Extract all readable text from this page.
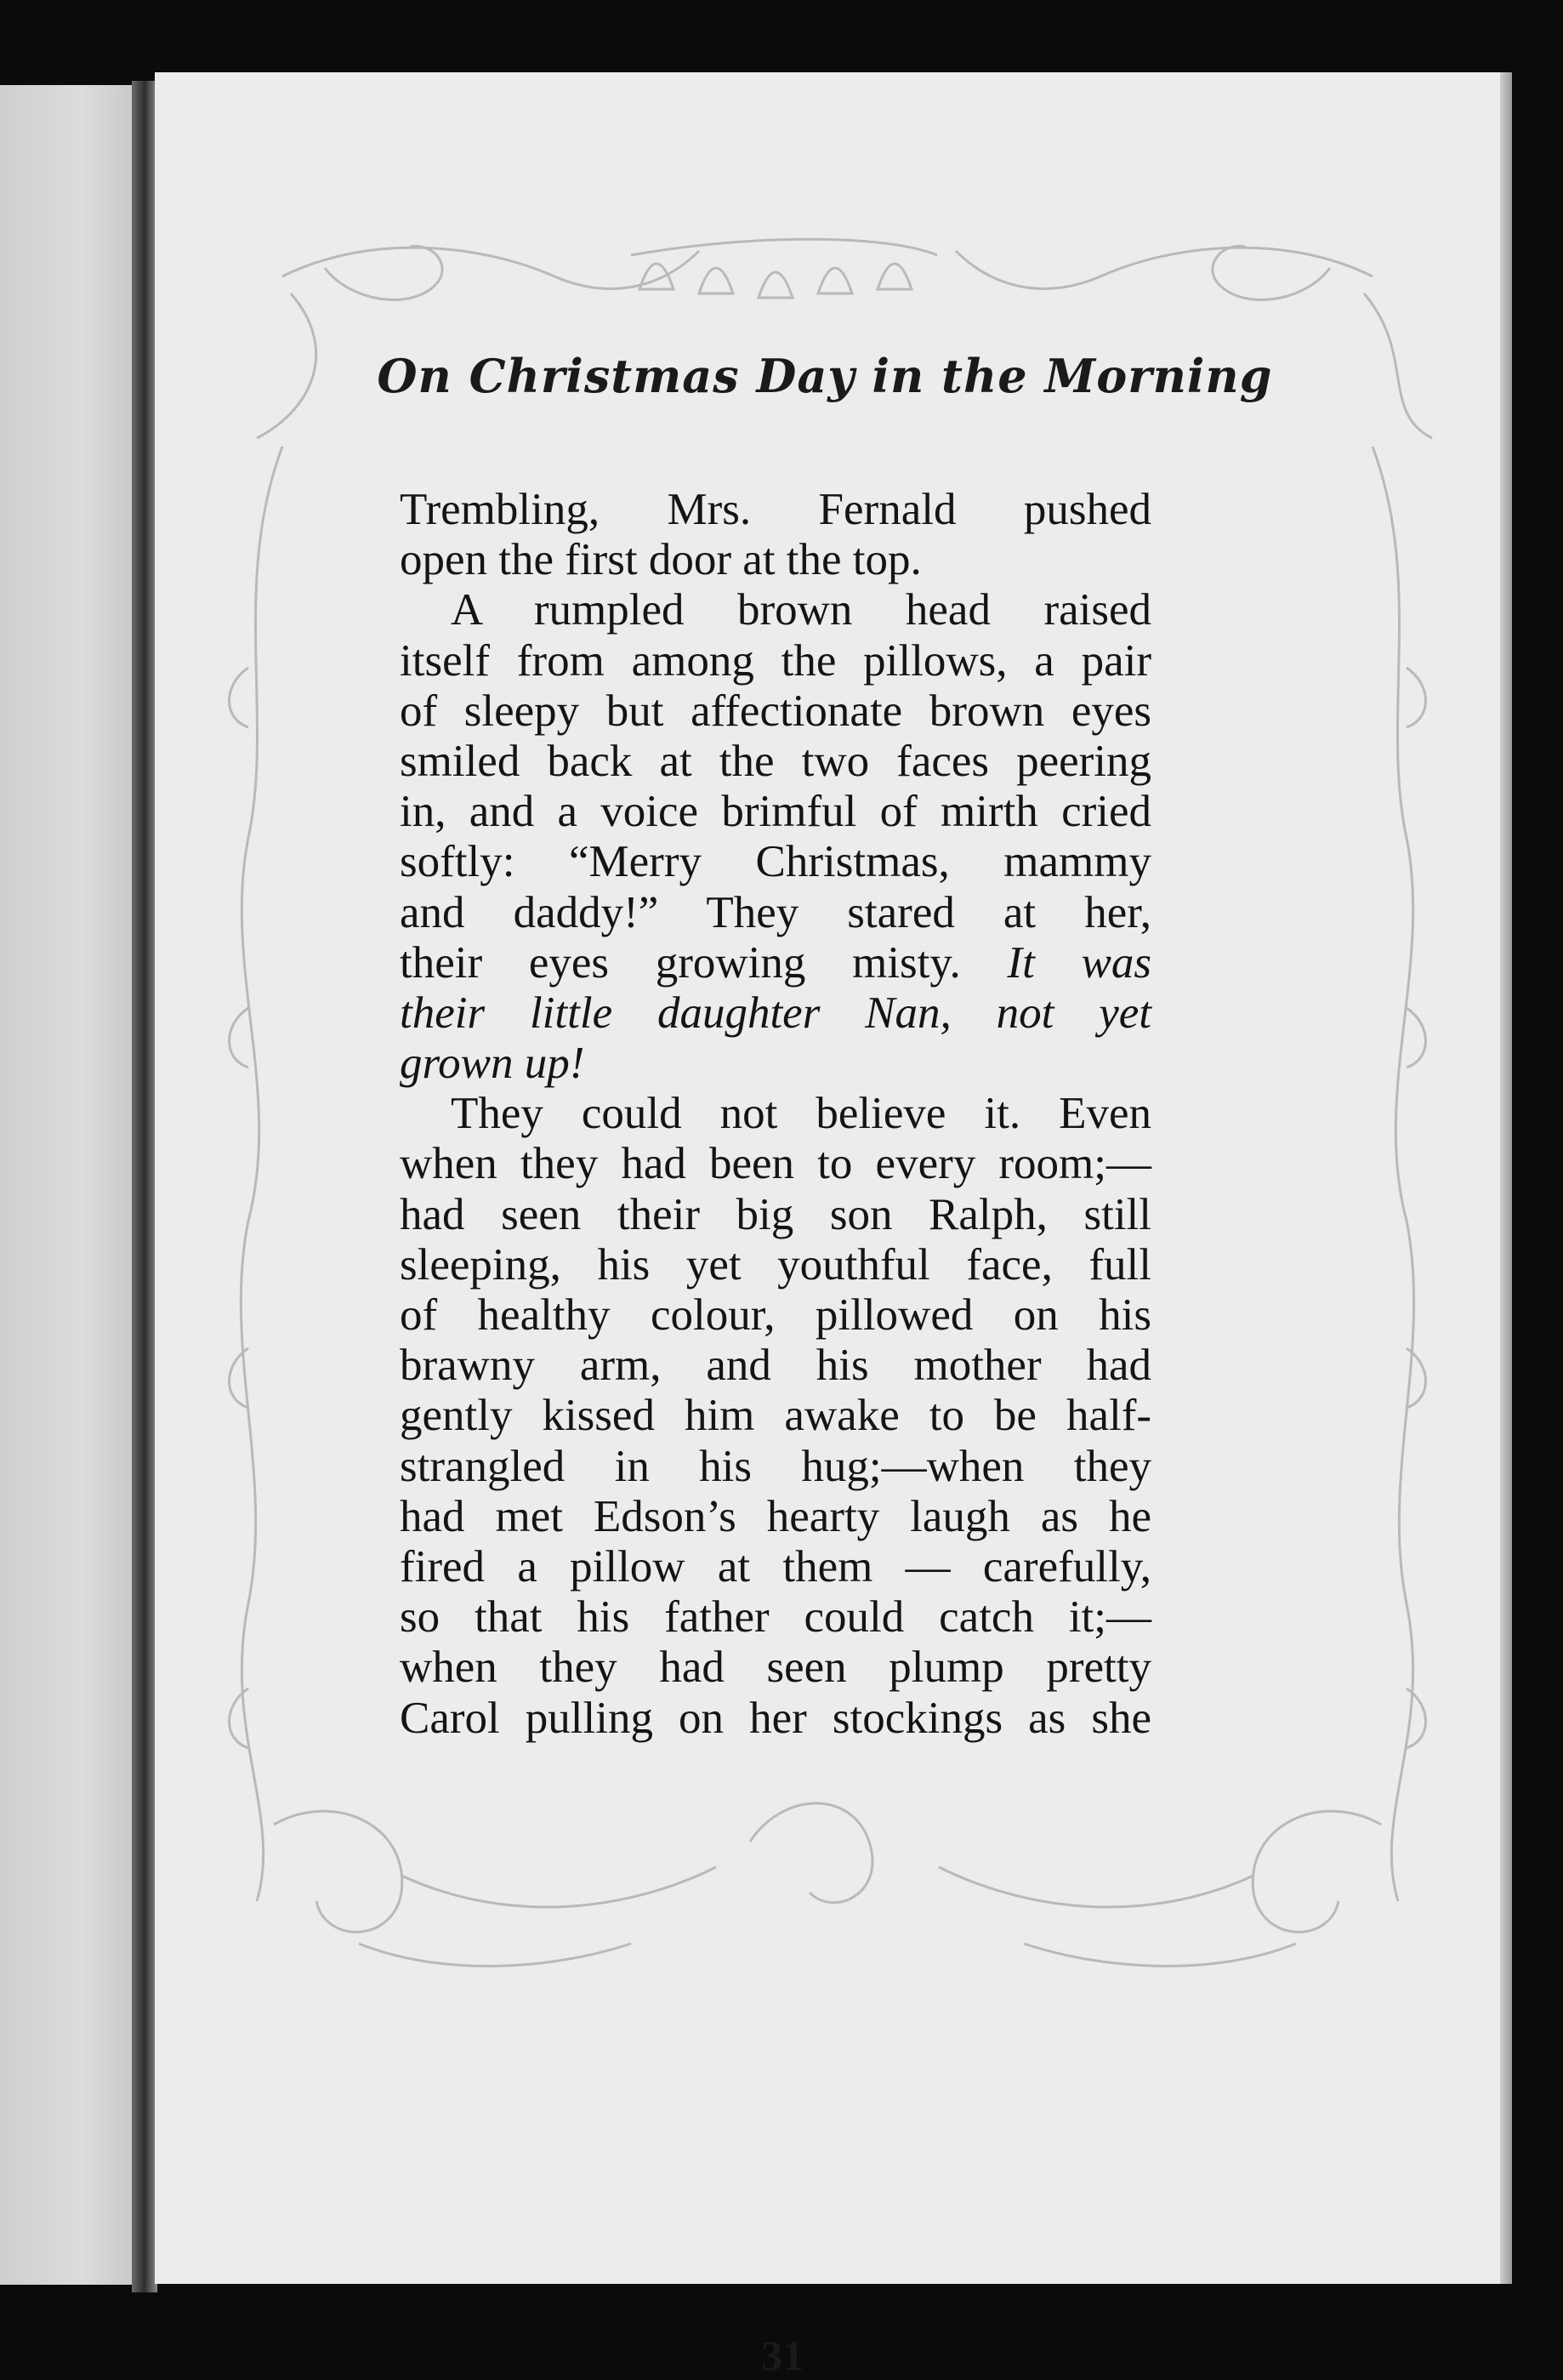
On Christmas Day in the Morning
Trembling, Mrs. Fernald pushed
open the first door at the top.
A rumpled brown head raised
itself from among the pillows, a pair
of sleepy but affectionate brown eyes
smiled back at the two faces peering
in, and a voice brimful of mirth cried
softly: “Merry Christmas, mammy
and daddy!” They stared at her,
their eyes growing misty. It was
their little daughter Nan, not yet
grown up!
They could not believe it. Even
when they had been to every room;—
had seen their big son Ralph, still
sleeping, his yet youthful face, full
of healthy colour, pillowed on his
brawny arm, and his mother had
gently kissed him awake to be half-
strangled in his hug;—when they
had met Edson’s hearty laugh as he
fired a pillow at them — carefully,
so that his father could catch it;—
when they had seen plump pretty
Carol pulling on her stockings as she
31
